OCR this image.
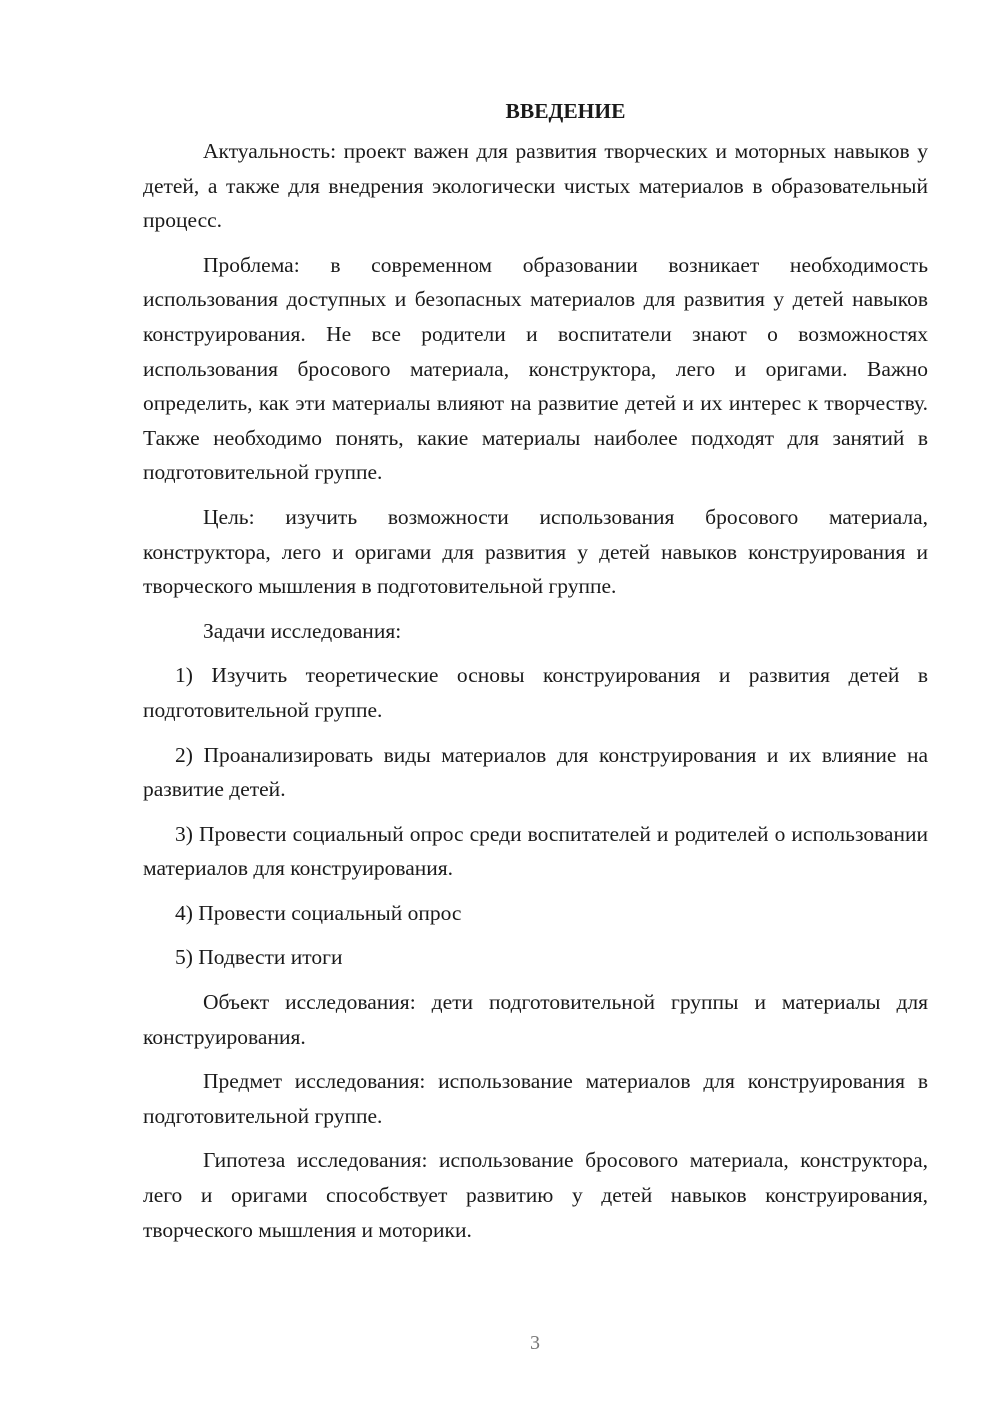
ВВЕДЕНИЕ

Актуальность: проект важен для развития творческих и моторных навыков у детей, а также для внедрения экологически чистых материалов в образовательный процесс.

Проблема: в современном образовании возникает необходимость использования доступных и безопасных материалов для развития у детей навыков конструирования. Не все родители и воспитатели знают о возможностях использования бросового материала, конструктора, лего и оригами. Важно определить, как эти материалы влияют на развитие детей и их интерес к творчеству. Также необходимо понять, какие материалы наиболее подходят для занятий в подготовительной группе.

Цель: изучить возможности использования бросового материала, конструктора, лего и оригами для развития у детей навыков конструирования и творческого мышления в подготовительной группе.

Задачи исследования:

1) Изучить теоретические основы конструирования и развития детей в подготовительной группе.

2) Проанализировать виды материалов для конструирования и их влияние на развитие детей.

3) Провести социальный опрос среди воспитателей и родителей о использовании материалов для конструирования.

4) Провести социальный опрос

5) Подвести итоги

Объект исследования: дети подготовительной группы и материалы для конструирования.

Предмет исследования: использование материалов для конструирования в подготовительной группе.

Гипотеза исследования: использование бросового материала, конструктора, лего и оригами способствует развитию у детей навыков конструирования, творческого мышления и моторики.

3
